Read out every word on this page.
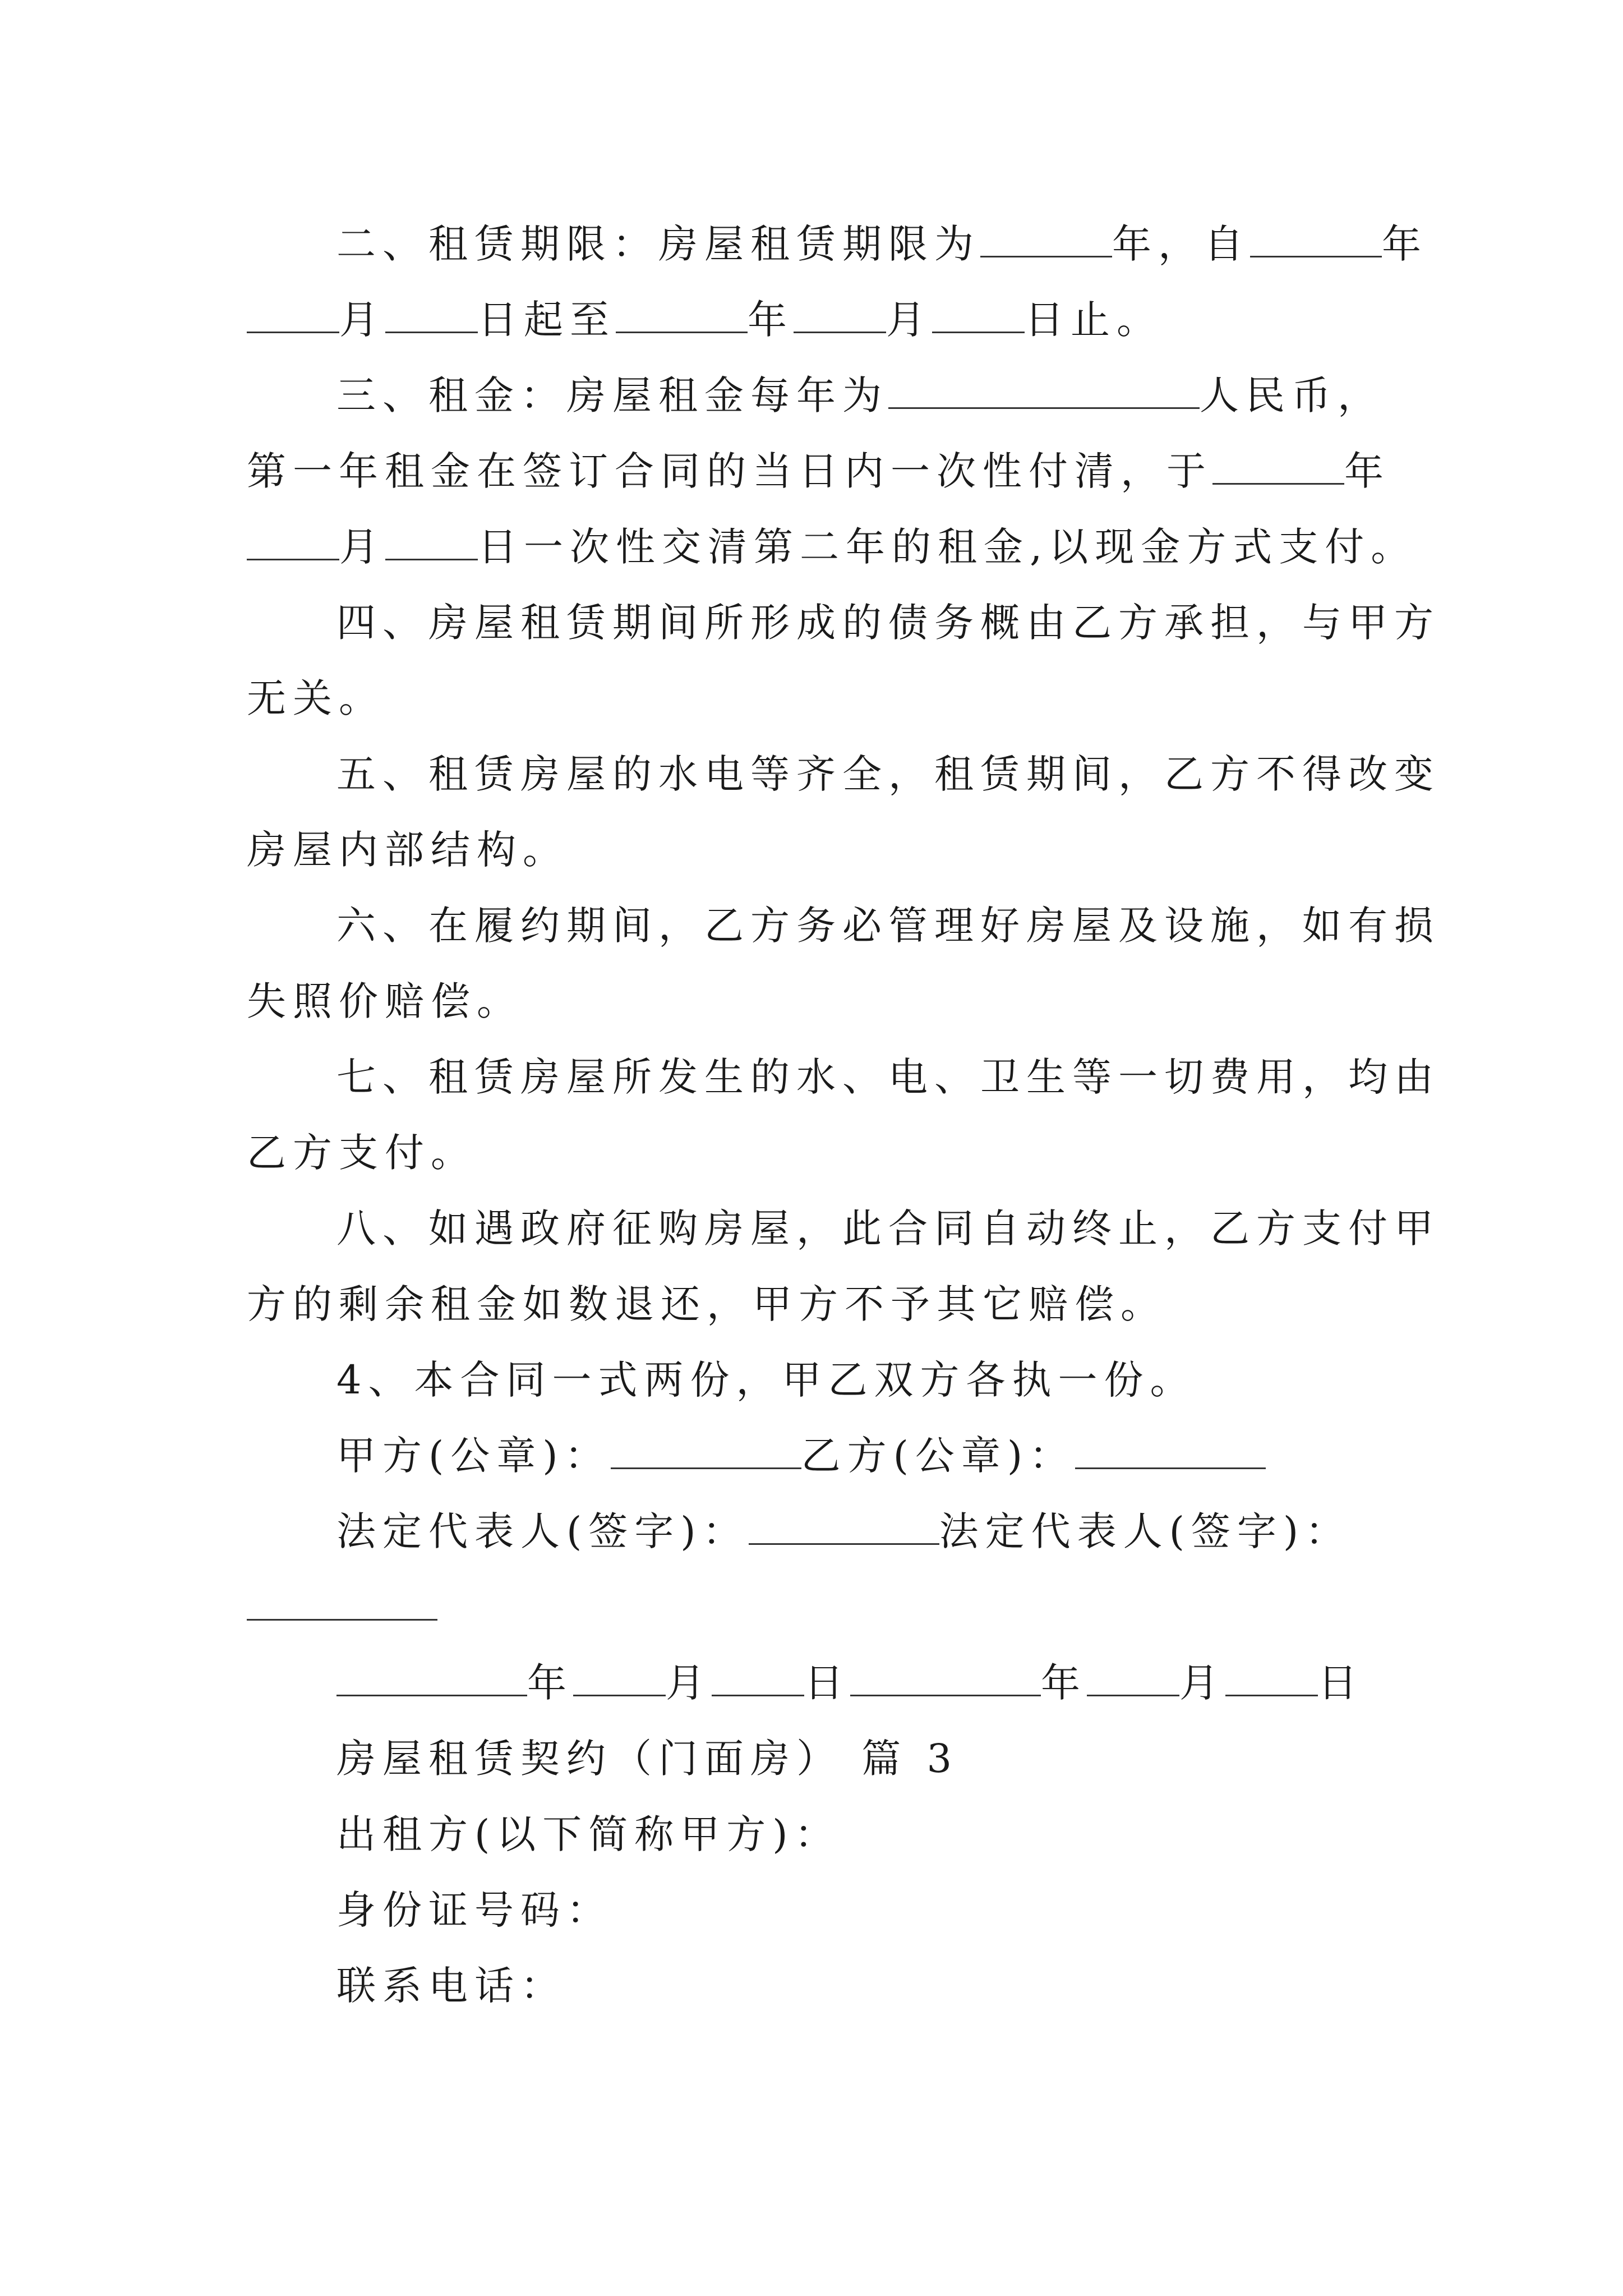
二、租赁期限：房屋租赁期限为	年，自	年
月 日起至	年 月 日止。
三、租金：房屋租金每年为	人民币，
第一年租金在签订合同的当日内一次性付清，于	年
月 日一次性交清第二年的租金,以现金方式支付。
四、房屋租赁期间所形成的债务概由乙方承担，与甲方
无关。
五、租赁房屋的水电等齐全，租赁期间，乙方不得改变
房屋内部结构。
六、在履约期间，乙方务必管理好房屋及设施，如有损
失照价赔偿。
七、租赁房屋所发生的水、电、卫生等一切费用，均由
乙方支付。
八、如遇政府征购房屋，此合同自动终止，乙方支付甲
方的剩余租金如数退还，甲方不予其它赔偿。
4、本合同一式两份，甲乙双方各执一份。
甲方(公章)：	乙方(公章)：
法定代表人(签字)：	法定代表人(签字)：
年 月 日	年 月 日
房屋租赁契约（门面房） 篇 3
出租方(以下简称甲方)：
身份证号码：
联系电话：
